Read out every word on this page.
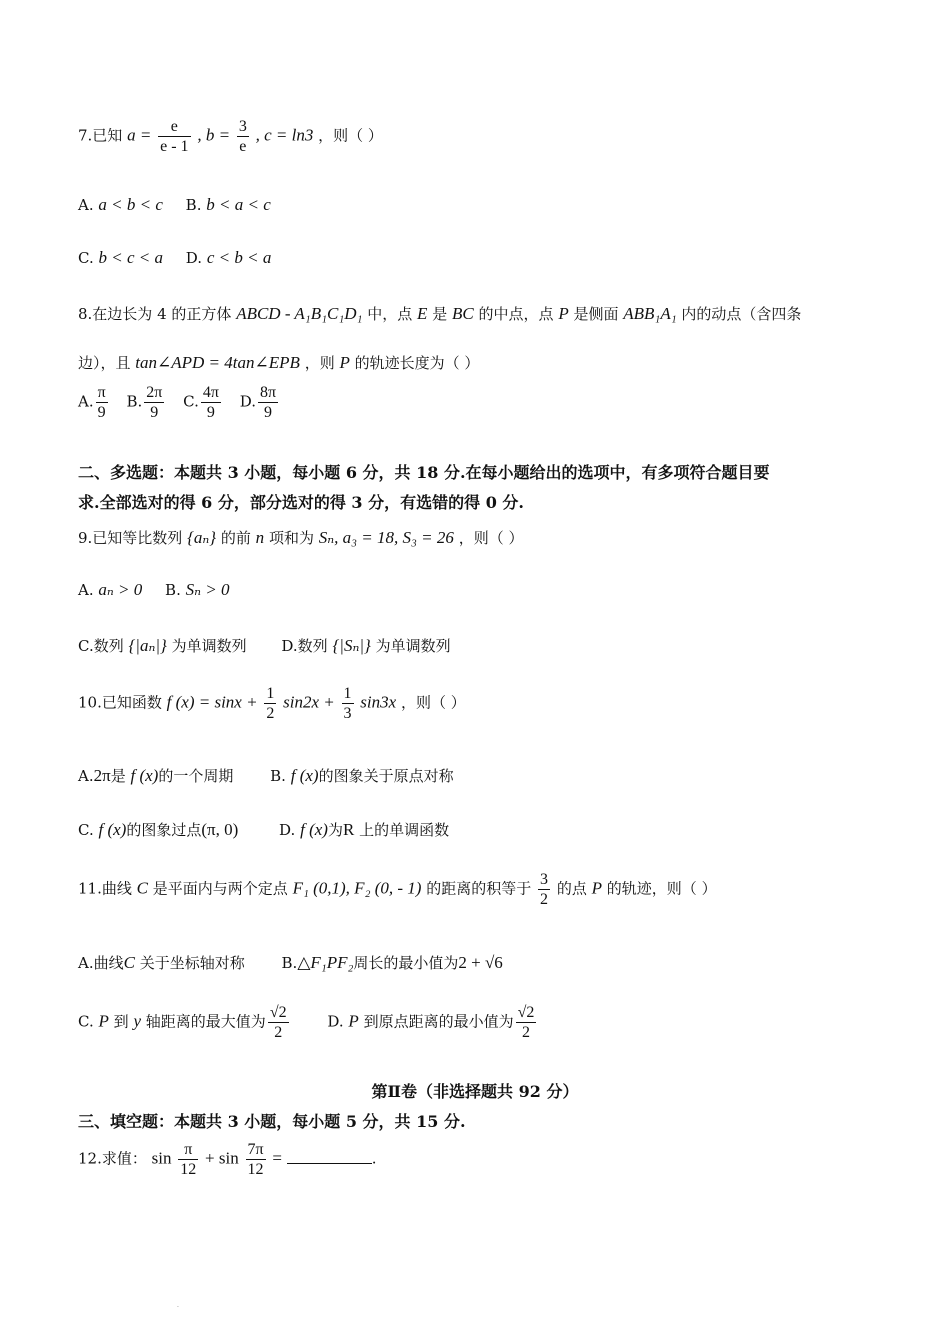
7.已知 $a = \frac{e}{e - 1}$ , $b = \frac{3}{e}$ , c = ln3 ，则（ ）
A. a < b < c B. b < a < c
C. b < c < a D. c < b < a
8.在边长为 4 的正方体 ABCD - A₁B₁C₁D₁ 中，点 E 是 BC 的中点，点 P 是侧面 ABB₁A₁ 内的动点（含四条
边），且 tan∠APD = 4tan∠EPB ，则 P 的轨迹长度为（ ）
A. $\frac{\pi}{9} B$. $\frac{2\pi}{9} C$. $\frac{4\pi}{9} D$. $\frac{8\pi}{9}$
二、多选题：本题共 3 小题，每小题 6 分，共 18 分.在每小题给出的选项中，有多项符合题目要
求.全部选对的得 6 分，部分选对的得 3 分，有选错的得 0 分.
9.已知等比数列 {aₙ} 的前 n 项和为 Sₙ, a₃ = 18, S₃ = 26 ，则（ ）
A. aₙ > 0 B. Sₙ > 0
C.数列 {|aₙ|} 为单调数列 D.数列 {|Sₙ|} 为单调数列
10.已知函数 f $(x) = \sin x + \frac{1}{2} \sin 2x + \frac{1}{3} \sin 3x$ ，则（ ）
A.2π是 f (x)的一个周期 B. f (x)的图象关于原点对称
C. f (x)的图象过点(π, 0)	D. f (x)为R 上的单调函数
11.曲线 C 是平面内与两个定点 F₁ (0,1), F₂ (0, - 1) 的距离的积等于 $\frac{3}{2}$ 的点 P 的轨迹，则（ ）
A.曲线C 关于坐标轴对称 B.△F₁PF₂周长的最小值为2 + √6
C. P 到 y 轴距离的最大值为 $\frac{√2}{2}$	D. P 到原点距离的最小值为 $\frac{√2}{2}$
第Ⅱ卷（非选择题共 92 分）
三、填空题：本题共 3 小题，每小题 5 分，共 15 分.
12.求值： $\sin \frac{\pi}{12} + \sin \frac{7\pi}{12}$ =	.
.
